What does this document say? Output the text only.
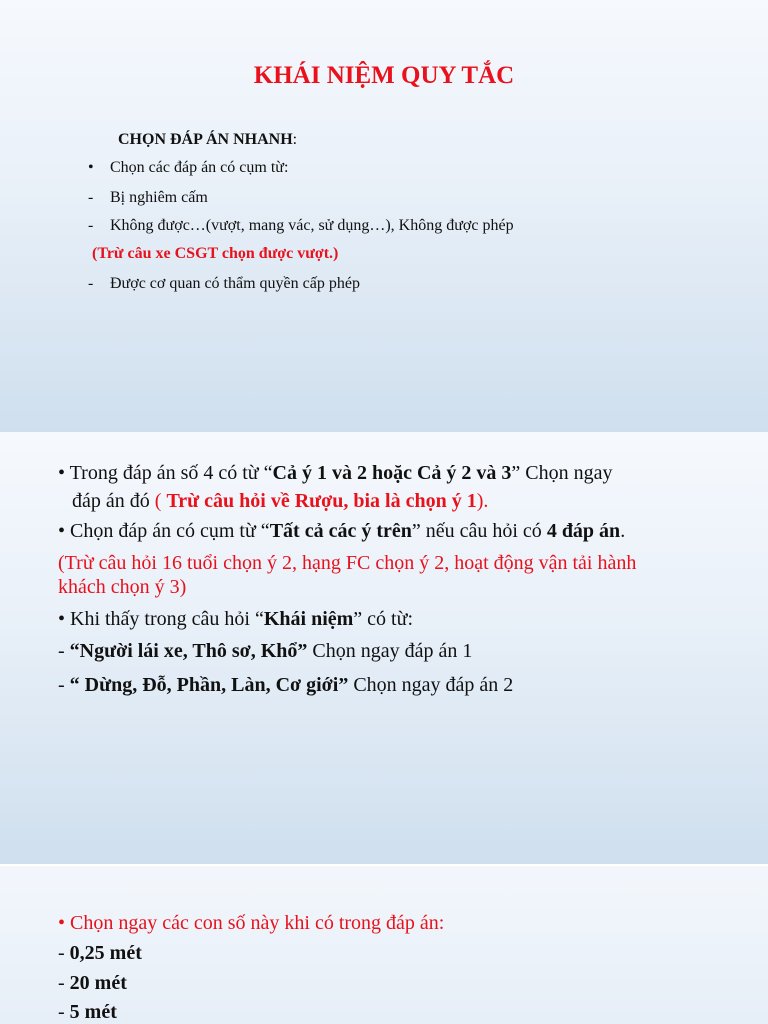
KHÁI NIỆM QUY TẮC
CHỌN ĐÁP ÁN NHANH:
• Chọn các đáp án có cụm từ:
- Bị nghiêm cấm
- Không được…(vượt, mang vác, sử dụng…), Không được phép
(Trừ câu xe CSGT chọn được vượt.)
- Được cơ quan có thẩm quyền cấp phép
• Trong đáp án số 4 có từ “Cả ý 1 và 2 hoặc Cả ý 2 và 3” Chọn ngay
đáp án đó ( Trừ câu hỏi về Rượu, bia là chọn ý 1).
• Chọn đáp án có cụm từ “Tất cả các ý trên” nếu câu hỏi có 4 đáp án.
(Trừ câu hỏi 16 tuổi chọn ý 2, hạng FC chọn ý 2, hoạt động vận tải hành
khách chọn ý 3)
• Khi thấy trong câu hỏi “Khái niệm” có từ:
- “Người lái xe, Thô sơ, Khổ” Chọn ngay đáp án 1
- “ Dừng, Đỗ, Phần, Làn, Cơ giới” Chọn ngay đáp án 2
• Chọn ngay các con số này khi có trong đáp án:
- 0,25 mét
- 20 mét
- 5 mét
